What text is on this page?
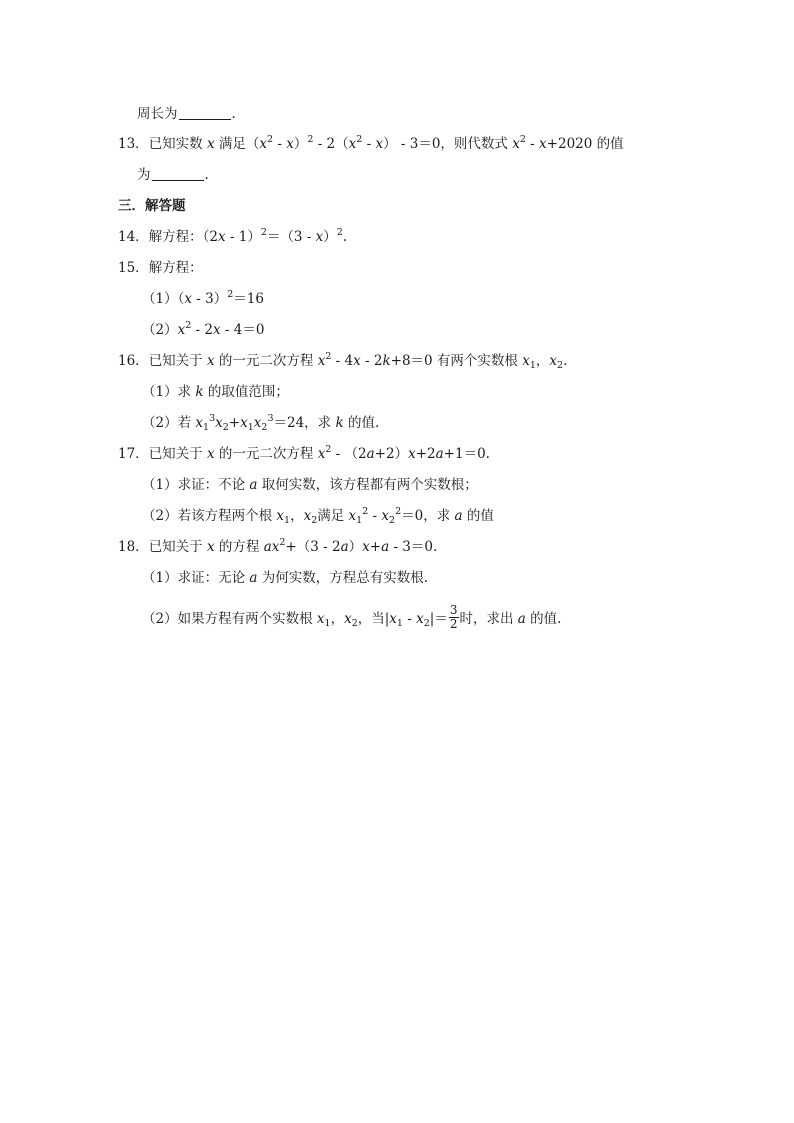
周长为	.
13．已知实数 x 满足$(x^2 - x)^2 - 2(x^2 - x) - 3=0$，则代数式 $x^2 - x+2020$ 的值
为	.
三．解答题
14．解方程：（2x - 1）$^2$＝（3 - x）$^2$.
15．解方程：
（1）（x - 3）$^2$＝16
$(2)x^2 - 2x - 4=0$
16．已知关于 x 的一元二次方程 $x^2 - 4x - 2k+8=0$ 有两个实数根 $x_1$，$x_2$.
（1）求 k 的取值范围；
（2）若 $x_1^3x_2+x_1x_2^3=24$，求 k 的值.
17．已知关于 x 的一元二次方程 $x^2 - (2a+2)x+2a+1=0$.
（1）求证：不论 a 取何实数，该方程都有两个实数根；
（2）若该方程两个根 $x_1$，$x_2$满足 $x_1^2 - x_2^2=0$，求 a 的值
18．已知关于 x 的方程 $ax^2+(3 - 2a)x+a - 3=0$.
（1）求证：无论 a 为何实数，方程总有实数根.
（2）如果方程有两个实数根 $x_1$，$x_2$，当$|x_1 - x_2|= \frac{3}{2}$ 时，求出 a 的值.
